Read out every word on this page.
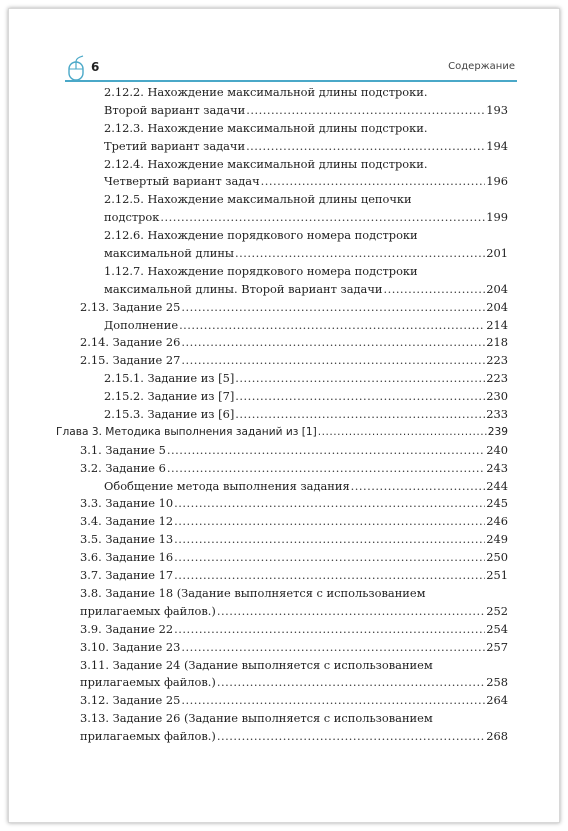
6	Содержание
2.12.2. Нахождение максимальной длины подстроки.
Второй вариант задачи .....	193
2.12.3. Нахождение максимальной длины подстроки.
Третий вариант задачи .....	194
2.12.4. Нахождение максимальной длины подстроки.
Четвертый вариант задач .....	196
2.12.5. Нахождение максимальной длины цепочки
подстрок .....	199
2.12.6. Нахождение порядкового номера подстроки
максимальной длины .....	201
1.12.7. Нахождение порядкового номера подстроки
максимальной длины. Второй вариант задачи .....	204
2.13. Задание 25 .....	204
Дополнение .....	214
2.14. Задание 26 .....	218
2.15. Задание 27 .....	223
2.15.1. Задание из [5] .....	223
2.15.2. Задание из [7] .....	230
2.15.3. Задание из [6] .....	233
Глава 3. Методика выполнения заданий из [1] .....	239
3.1. Задание 5 .....	240
3.2. Задание 6 .....	243
Обобщение метода выполнения задания .....	244
3.3. Задание 10 .....	245
3.4. Задание 12 .....	246
3.5. Задание 13 .....	249
3.6. Задание 16 .....	250
3.7. Задание 17 .....	251
3.8. Задание 18 (Задание выполняется с использованием
прилагаемых файлов.) .....	252
3.9. Задание 22 .....	254
3.10. Задание 23 .....	257
3.11. Задание 24 (Задание выполняется с использованием
прилагаемых файлов.) .....	258
3.12. Задание 25 .....	264
3.13. Задание 26 (Задание выполняется с использованием
прилагаемых файлов.) .....	268
